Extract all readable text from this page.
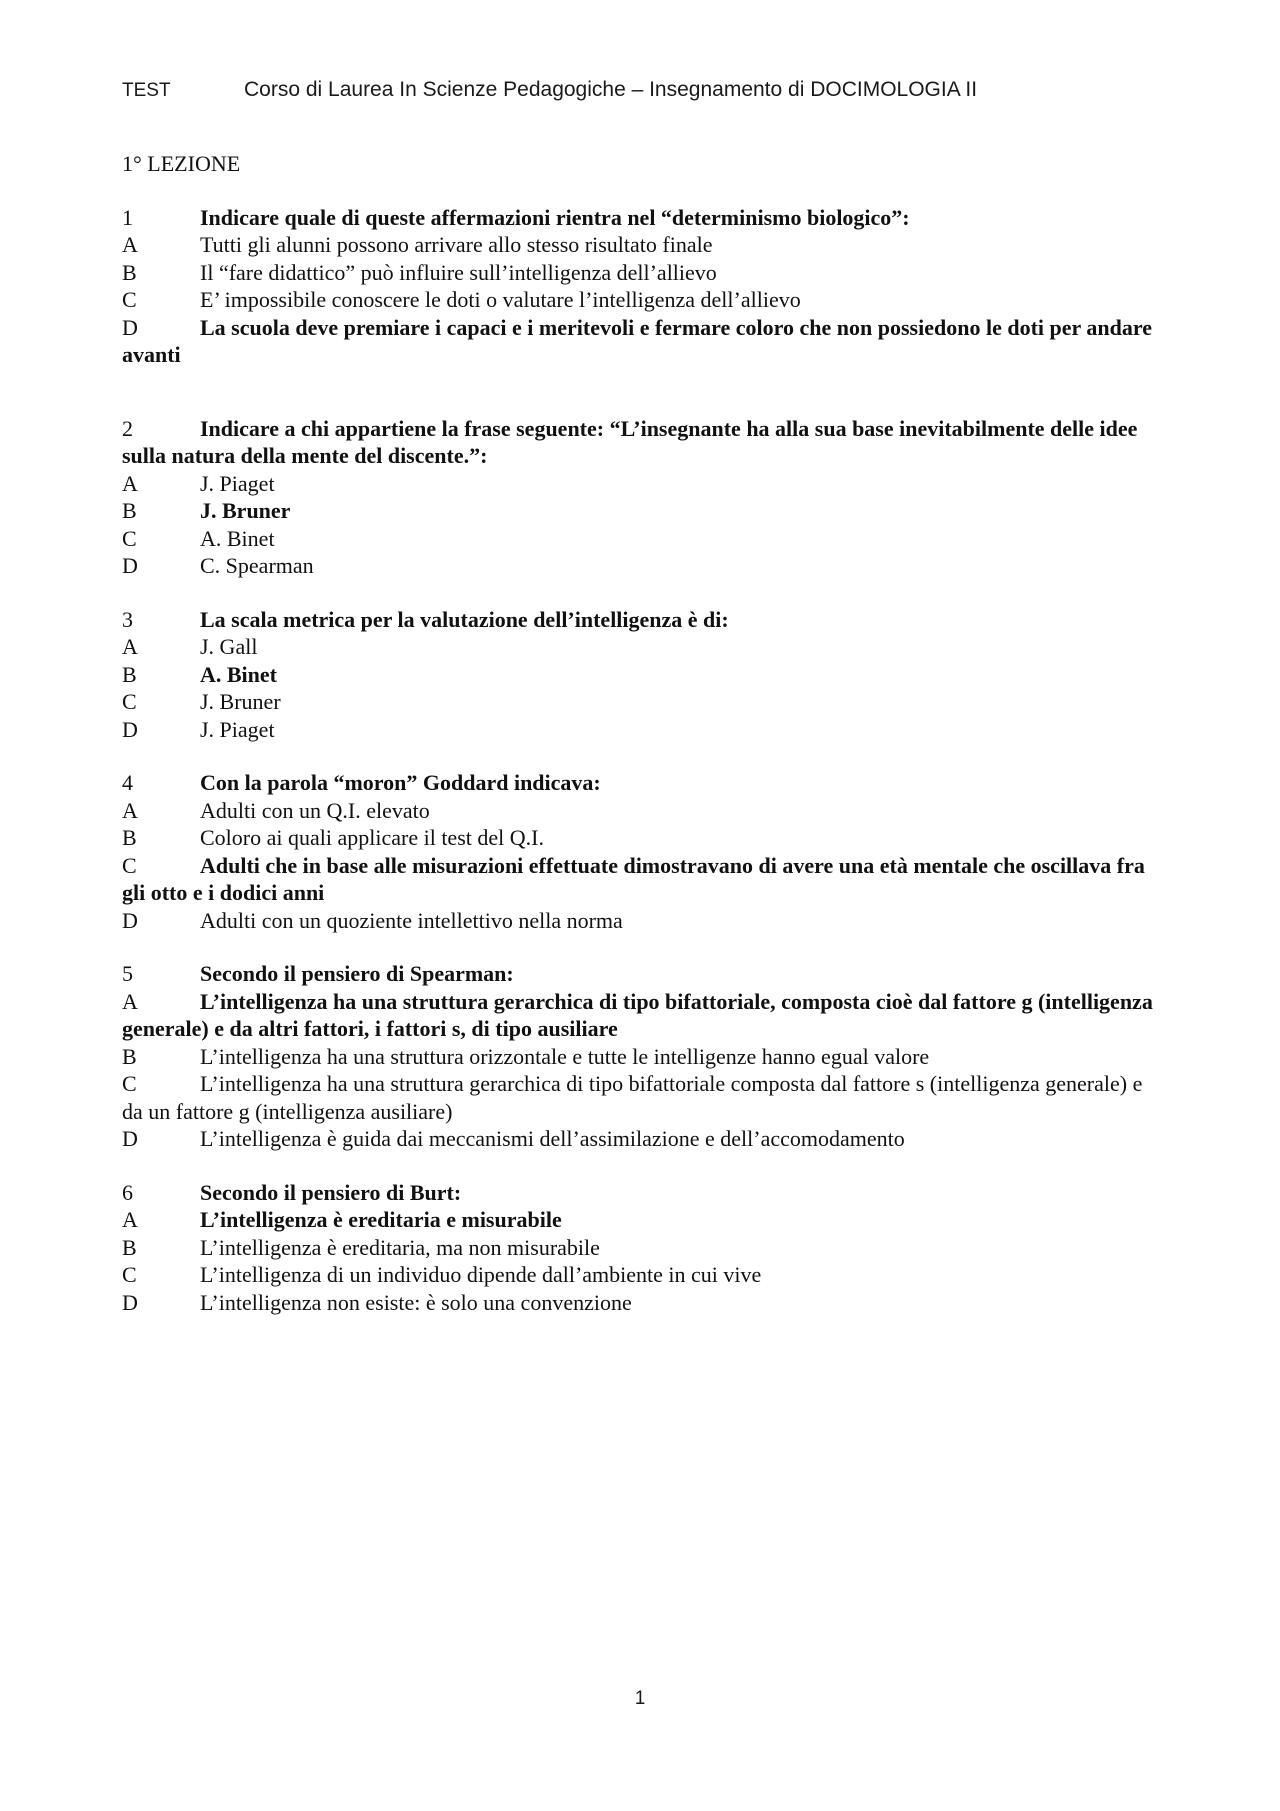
TEST	Corso di Laurea In Scienze Pedagogiche – Insegnamento di DOCIMOLOGIA II
1° LEZIONE
1	Indicare quale di queste affermazioni rientra nel “determinismo biologico”:
A	Tutti gli alunni possono arrivare allo stesso risultato finale
B	Il “fare didattico” può influire sull’intelligenza dell’allievo
C	E’ impossibile conoscere le doti o valutare l’intelligenza dell’allievo
D	La scuola deve premiare i capaci e i meritevoli e fermare coloro che non possiedono le doti per andare avanti
2	Indicare a chi appartiene la frase seguente: “L’insegnante ha alla sua base inevitabilmente delle idee sulla natura della mente del discente.”:
A	J. Piaget
B	J. Bruner
C	A. Binet
D	C. Spearman
3	La scala metrica per la valutazione dell’intelligenza è di:
A	J. Gall
B	A. Binet
C	J. Bruner
D	J. Piaget
4	Con la parola “moron” Goddard indicava:
A	Adulti con un Q.I. elevato
B	Coloro ai quali applicare il test del Q.I.
C	Adulti che in base alle misurazioni effettuate dimostravano di avere una età mentale che oscillava fra gli otto e i dodici anni
D	Adulti con un quoziente intellettivo nella norma
5	Secondo il pensiero di Spearman:
A	L’intelligenza ha una struttura gerarchica di tipo bifattoriale, composta cioè dal fattore g (intelligenza generale) e da altri fattori, i fattori s, di tipo ausiliare
B	L’intelligenza ha una struttura orizzontale e tutte le intelligenze hanno egual valore
C	L’intelligenza ha una struttura gerarchica di tipo bifattoriale composta dal fattore s (intelligenza generale) e da un fattore g (intelligenza ausiliare)
D	L’intelligenza è guida dai meccanismi dell’assimilazione e dell’accomodamento
6	Secondo il pensiero di Burt:
A	L’intelligenza è ereditaria e misurabile
B	L’intelligenza è ereditaria, ma non misurabile
C	L’intelligenza di un individuo dipende dall’ambiente in cui vive
D	L’intelligenza non esiste: è solo una convenzione
1
